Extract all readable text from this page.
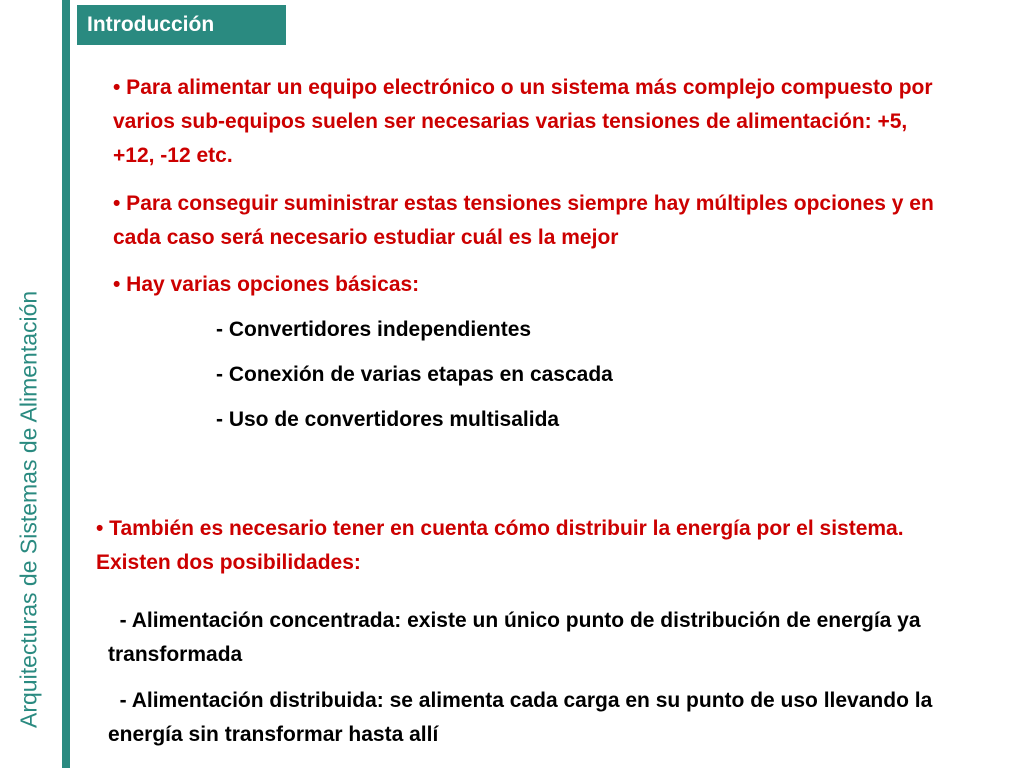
Arquitecturas de Sistemas de Alimentación
Introducción

• Para alimentar un equipo electrónico o un sistema más complejo compuesto por varios sub-equipos suelen ser necesarias varias tensiones de alimentación: +5, +12, -12 etc.

• Para conseguir suministrar estas tensiones siempre hay múltiples opciones y en cada caso será necesario estudiar cuál es la mejor

• Hay varias opciones básicas:

- Convertidores independientes

- Conexión de varias etapas en cascada

- Uso de convertidores multisalida

• También es necesario tener en cuenta cómo distribuir la energía por el sistema. Existen dos posibilidades:

- Alimentación concentrada: existe un único punto de distribución de energía ya transformada

- Alimentación distribuida: se alimenta cada carga en su punto de uso llevando la energía sin transformar hasta allí
